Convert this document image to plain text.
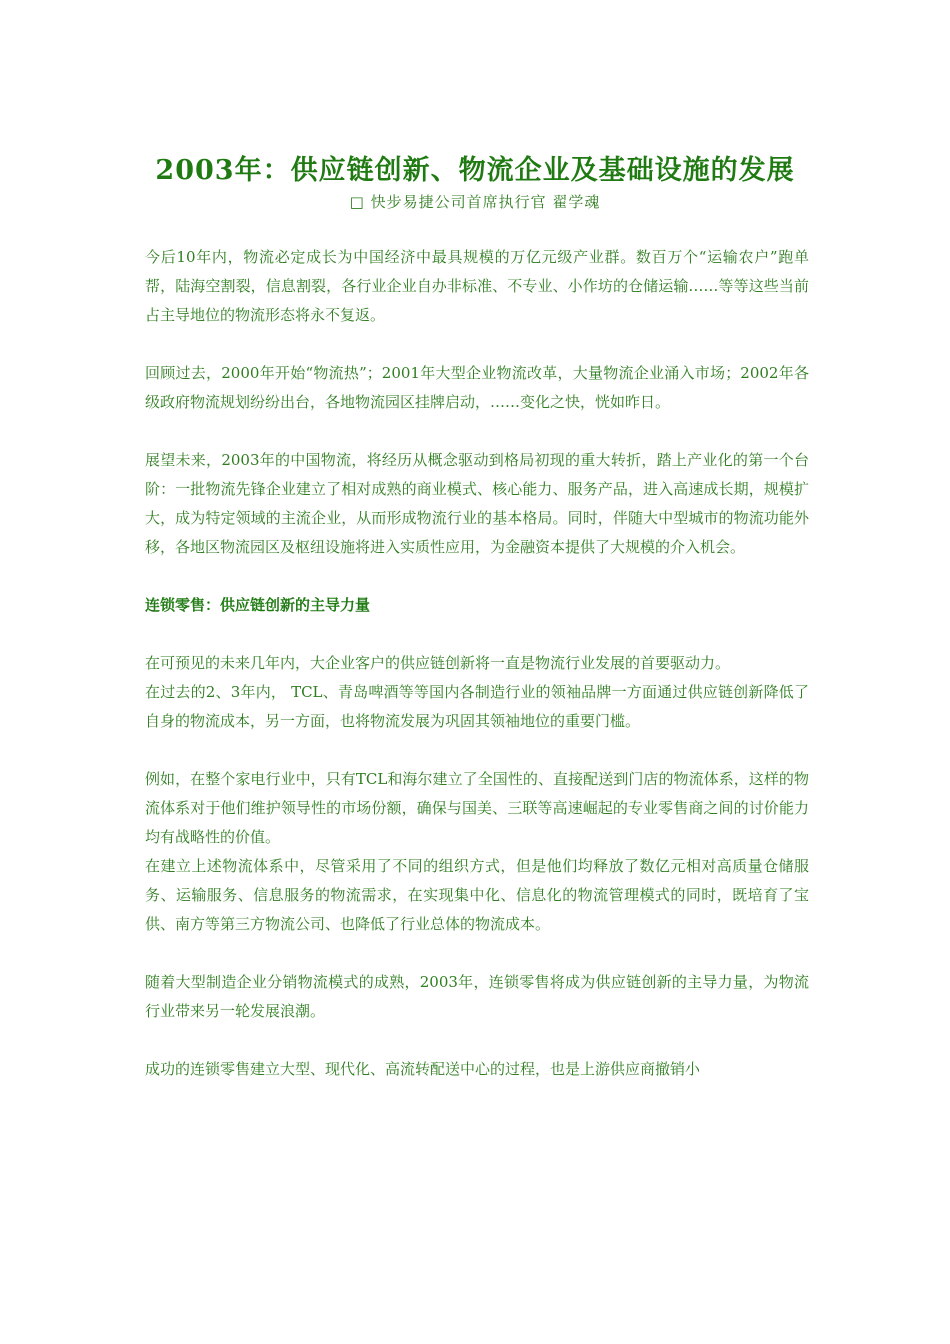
2003年：供应链创新、物流企业及基础设施的发展
□ 快步易捷公司首席执行官 翟学魂

今后10年内，物流必定成长为中国经济中最具规模的万亿元级产业群。数百万个“运输农户”跑单帮，陆海空割裂，信息割裂，各行业企业自办非标准、不专业、小作坊的仓储运输……等等这些当前占主导地位的物流形态将永不复返。

回顾过去，2000年开始“物流热”；2001年大型企业物流改革，大量物流企业涌入市场；2002年各级政府物流规划纷纷出台，各地物流园区挂牌启动，……变化之快，恍如昨日。

展望未来，2003年的中国物流，将经历从概念驱动到格局初现的重大转折，踏上产业化的第一个台阶：一批物流先锋企业建立了相对成熟的商业模式、核心能力、服务产品，进入高速成长期，规模扩大，成为特定领域的主流企业，从而形成物流行业的基本格局。同时，伴随大中型城市的物流功能外移，各地区物流园区及枢纽设施将进入实质性应用，为金融资本提供了大规模的介入机会。

连锁零售：供应链创新的主导力量

在可预见的未来几年内，大企业客户的供应链创新将一直是物流行业发展的首要驱动力。

在过去的2、3年内， TCL、青岛啤酒等等国内各制造行业的领袖品牌一方面通过供应链创新降低了自身的物流成本，另一方面，也将物流发展为巩固其领袖地位的重要门槛。

例如，在整个家电行业中，只有TCL和海尔建立了全国性的、直接配送到门店的物流体系，这样的物流体系对于他们维护领导性的市场份额，确保与国美、三联等高速崛起的专业零售商之间的讨价能力均有战略性的价值。

在建立上述物流体系中，尽管采用了不同的组织方式，但是他们均释放了数亿元相对高质量仓储服务、运输服务、信息服务的物流需求，在实现集中化、信息化的物流管理模式的同时，既培育了宝供、南方等第三方物流公司、也降低了行业总体的物流成本。

随着大型制造企业分销物流模式的成熟，2003年，连锁零售将成为供应链创新的主导力量，为物流行业带来另一轮发展浪潮。

成功的连锁零售建立大型、现代化、高流转配送中心的过程，也是上游供应商撤销小
